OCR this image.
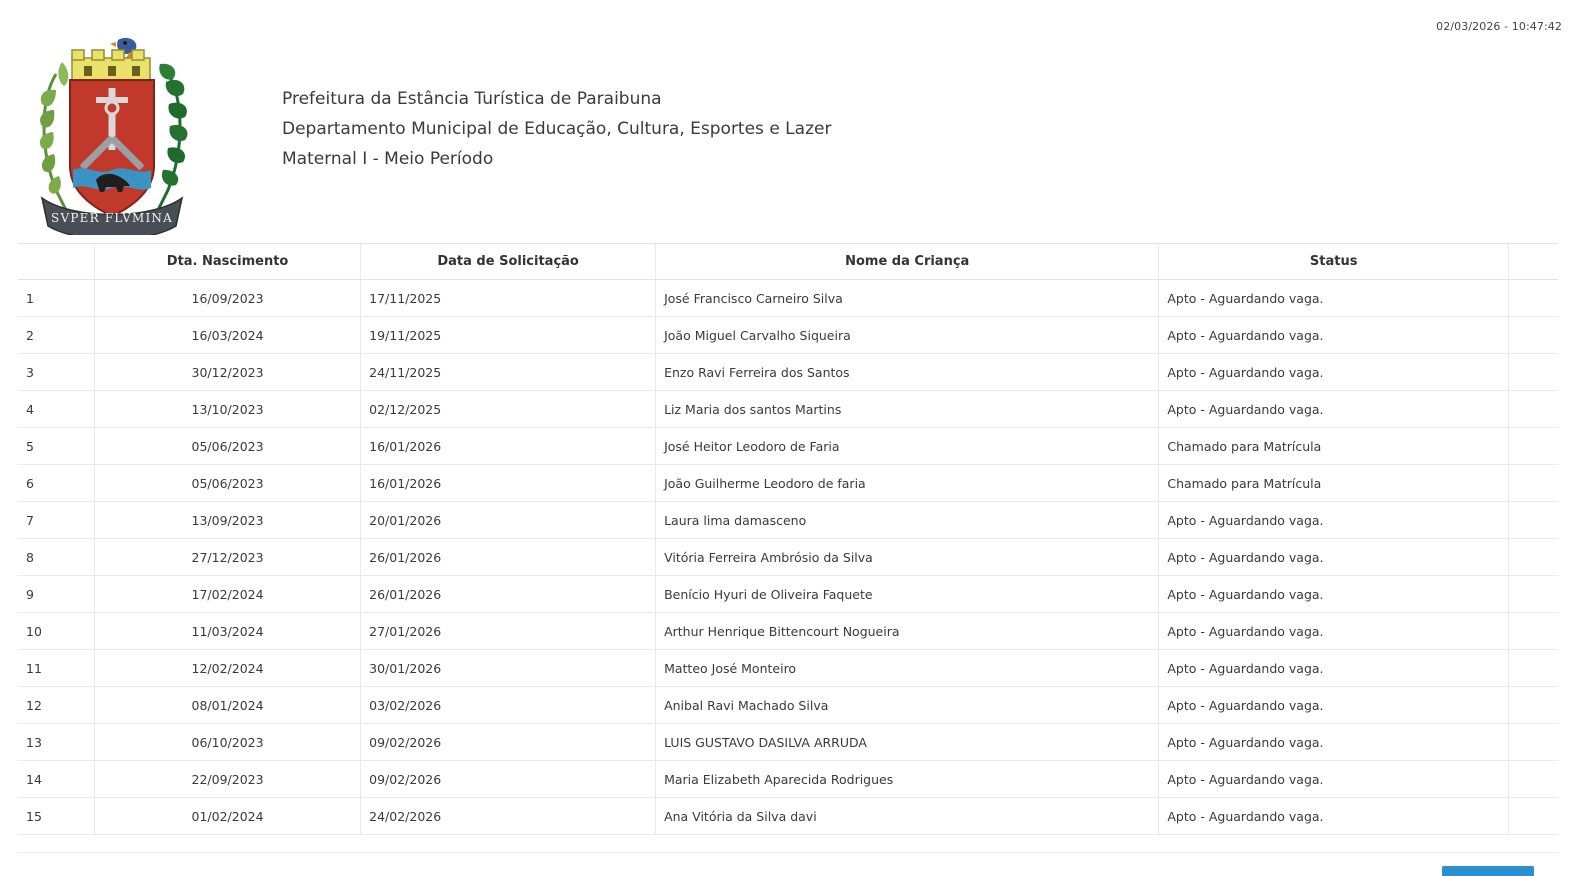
02/03/2026 - 10:47:42
SVPER FLVMINA
Prefeitura da Estância Turística de Paraibuna
Departamento Municipal de Educação, Cultura, Esportes e Lazer
Maternal I - Meio Período
	Dta. Nascimento	Data de Solicitação	Nome da Criança	Status	
1	16/09/2023	17/11/2025	José Francisco Carneiro Silva	Apto - Aguardando vaga.	
2	16/03/2024	19/11/2025	João Miguel Carvalho Siqueira	Apto - Aguardando vaga.	
3	30/12/2023	24/11/2025	Enzo Ravi Ferreira dos Santos	Apto - Aguardando vaga.	
4	13/10/2023	02/12/2025	Liz Maria dos santos Martins	Apto - Aguardando vaga.	
5	05/06/2023	16/01/2026	José Heitor Leodoro de Faria	Chamado para Matrícula	
6	05/06/2023	16/01/2026	João Guilherme Leodoro de faria	Chamado para Matrícula	
7	13/09/2023	20/01/2026	Laura lima damasceno	Apto - Aguardando vaga.	
8	27/12/2023	26/01/2026	Vitória Ferreira Ambrósio da Silva	Apto - Aguardando vaga.	
9	17/02/2024	26/01/2026	Benício Hyuri de Oliveira Faquete	Apto - Aguardando vaga.	
10	11/03/2024	27/01/2026	Arthur Henrique Bittencourt Nogueira	Apto - Aguardando vaga.	
11	12/02/2024	30/01/2026	Matteo José Monteiro	Apto - Aguardando vaga.	
12	08/01/2024	03/02/2026	Anibal Ravi Machado Silva	Apto - Aguardando vaga.	
13	06/10/2023	09/02/2026	LUIS GUSTAVO DASILVA ARRUDA	Apto - Aguardando vaga.	
14	22/09/2023	09/02/2026	Maria Elizabeth Aparecida Rodrigues	Apto - Aguardando vaga.	
15	01/02/2024	24/02/2026	Ana Vitória da Silva davi	Apto - Aguardando vaga.	
